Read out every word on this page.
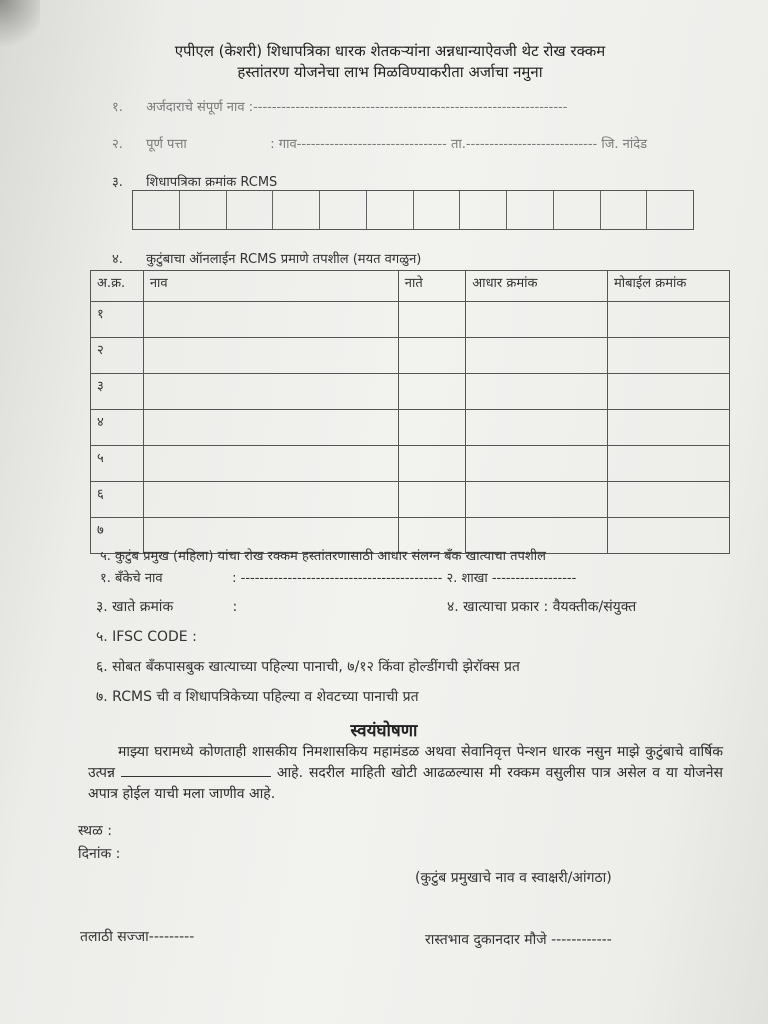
एपीएल (केशरी) शिधापत्रिका धारक शेतकऱ्यांना अन्नधान्याऐवजी थेट रोख रक्कम
हस्तांतरण योजनेचा लाभ मिळविण्याकरीता अर्जाचा नमुना
१. अर्जदाराचे संपूर्ण नाव :-------------------------------------------------------------------
२. पूर्ण पत्ता	: गाव-------------------------------- ता.---------------------------- जि. नांदेड
३. शिधापत्रिका क्रमांक RCMS
४. कुटुंबाचा ऑनलाईन RCMS प्रमाणे तपशील (मयत वगळुन)
अ.क्र.	नाव	नाते	आधार क्रमांक	मोबाईल क्रमांक
१				
२				
३				
४				
५				
६				
७				
५. कुटुंब प्रमुख (महिला) यांचा रोख रक्कम हस्तांतरणासाठी आधार संलग्न बँक खात्याचा तपशील
१. बँकेचे नाव	: ------------------------------------------- २. शाखा ------------------
३. खाते क्रमांक	:	४. खात्याचा प्रकार : वैयक्तीक/संयुक्त
५. IFSC CODE :
६. सोबत बँकपासबुक खात्याच्या पहिल्या पानाची, ७/१२ किंवा होल्डींगची झेरॉक्स प्रत
७. RCMS ची व शिधापत्रिकेच्या पहिल्या व शेवटच्या पानाची प्रत
स्वयंघोषणा
माझ्या घरामध्ये कोणताही शासकीय निमशासकिय महामंडळ अथवा सेवानिवृत्त पेन्शन धारक नसुन माझे कुटुंबाचे वार्षिक उत्पन्न	आहे. सदरील माहिती खोटी आढळल्यास मी रक्कम वसुलीस पात्र असेल व या योजनेस अपात्र होईल याची मला जाणीव आहे.
स्थळ :
दिनांक :
(कुटुंब प्रमुखाचे नाव व स्वाक्षरी/आंगठा)
तलाठी सज्जा---------	रास्तभाव दुकानदार मौजे ------------
